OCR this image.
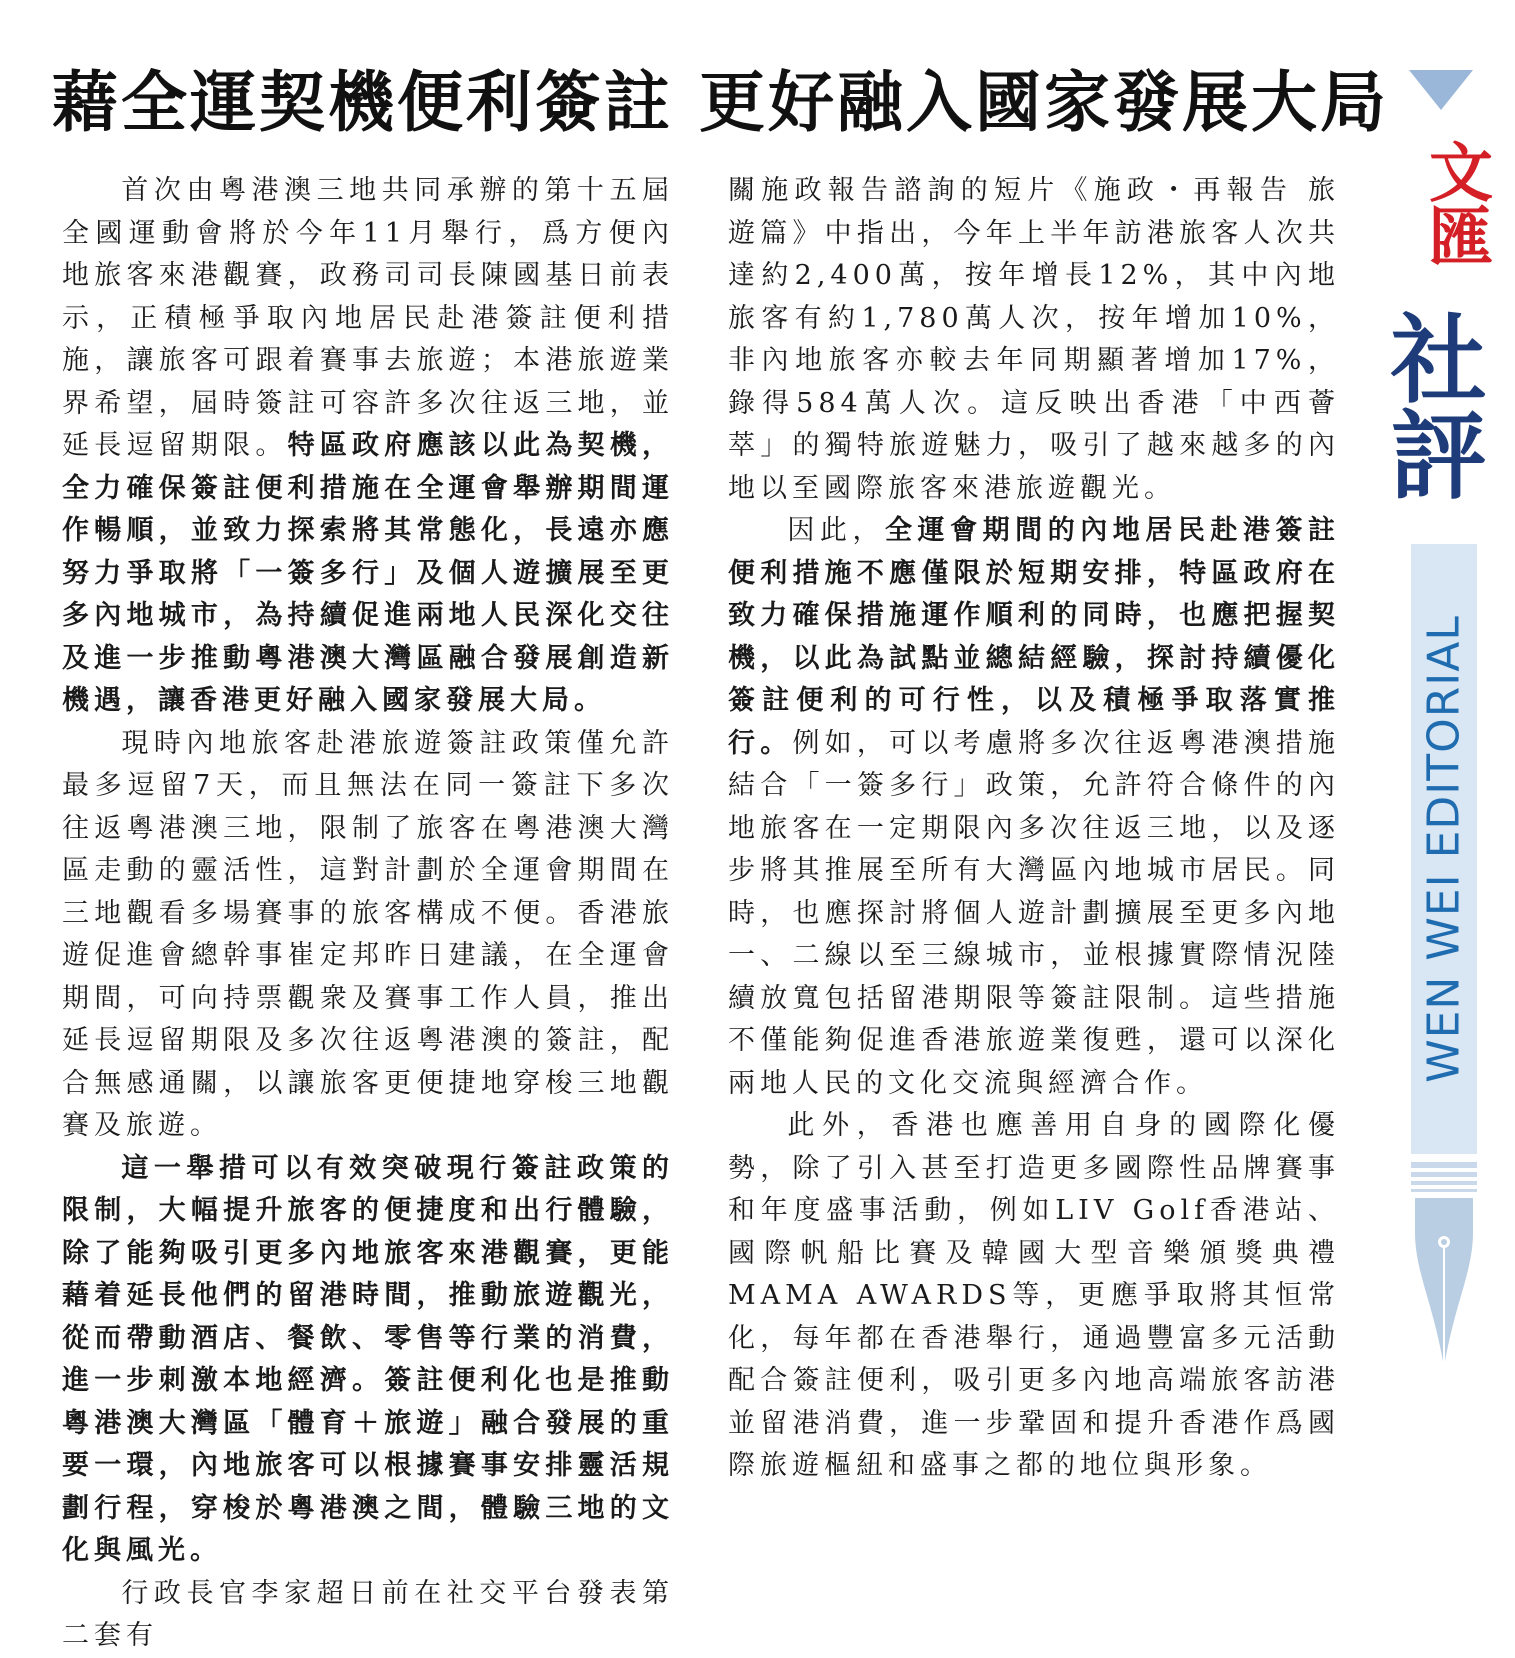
藉全運契機便利簽註 更好融入國家發展大局

首次由粵港澳三地共同承辦的第十五屆全國運動會將於今年11月舉行，爲方便內地旅客來港觀賽，政務司司長陳國基日前表示，正積極爭取內地居民赴港簽註便利措施，讓旅客可跟着賽事去旅遊；本港旅遊業界希望，屆時簽註可容許多次往返三地，並延長逗留期限。特區政府應該以此為契機，全力確保簽註便利措施在全運會舉辦期間運作暢順，並致力探索將其常態化，長遠亦應努力爭取將「一簽多行」及個人遊擴展至更多內地城市，為持續促進兩地人民深化交往及進一步推動粵港澳大灣區融合發展創造新機遇，讓香港更好融入國家發展大局。

現時內地旅客赴港旅遊簽註政策僅允許最多逗留7天，而且無法在同一簽註下多次往返粵港澳三地，限制了旅客在粵港澳大灣區走動的靈活性，這對計劃於全運會期間在三地觀看多場賽事的旅客構成不便。香港旅遊促進會總幹事崔定邦昨日建議，在全運會期間，可向持票觀衆及賽事工作人員，推出延長逗留期限及多次往返粵港澳的簽註，配合無感通關，以讓旅客更便捷地穿梭三地觀賽及旅遊。

這一舉措可以有效突破現行簽註政策的限制，大幅提升旅客的便捷度和出行體驗，除了能夠吸引更多內地旅客來港觀賽，更能藉着延長他們的留港時間，推動旅遊觀光，從而帶動酒店、餐飲、零售等行業的消費，進一步刺激本地經濟。簽註便利化也是推動粵港澳大灣區「體育＋旅遊」融合發展的重要一環，內地旅客可以根據賽事安排靈活規劃行程，穿梭於粵港澳之間，體驗三地的文化與風光。

行政長官李家超日前在社交平台發表第二套有

關施政報告諮詢的短片《施政・再報告 旅遊篇》中指出，今年上半年訪港旅客人次共達約2,400萬，按年增長12%，其中內地旅客有約1,780萬人次，按年增加10%，非內地旅客亦較去年同期顯著增加17%，錄得584萬人次。這反映出香港「中西薈萃」的獨特旅遊魅力，吸引了越來越多的內地以至國際旅客來港旅遊觀光。

因此，全運會期間的內地居民赴港簽註便利措施不應僅限於短期安排，特區政府在致力確保措施運作順利的同時，也應把握契機，以此為試點並總結經驗，探討持續優化簽註便利的可行性，以及積極爭取落實推行。例如，可以考慮將多次往返粵港澳措施結合「一簽多行」政策，允許符合條件的內地旅客在一定期限內多次往返三地，以及逐步將其推展至所有大灣區內地城市居民。同時，也應探討將個人遊計劃擴展至更多內地一、二線以至三線城市，並根據實際情況陸續放寬包括留港期限等簽註限制。這些措施不僅能夠促進香港旅遊業復甦，還可以深化兩地人民的文化交流與經濟合作。

此外，香港也應善用自身的國際化優勢，除了引入甚至打造更多國際性品牌賽事和年度盛事活動，例如LIV Golf香港站、國際帆船比賽及韓國大型音樂頒獎典禮MAMA AWARDS等，更應爭取將其恒常化，每年都在香港舉行，通過豐富多元活動配合簽註便利，吸引更多內地高端旅客訪港並留港消費，進一步鞏固和提升香港作爲國際旅遊樞紐和盛事之都的地位與形象。

文匯
社評
WEN WEI EDITORIAL
